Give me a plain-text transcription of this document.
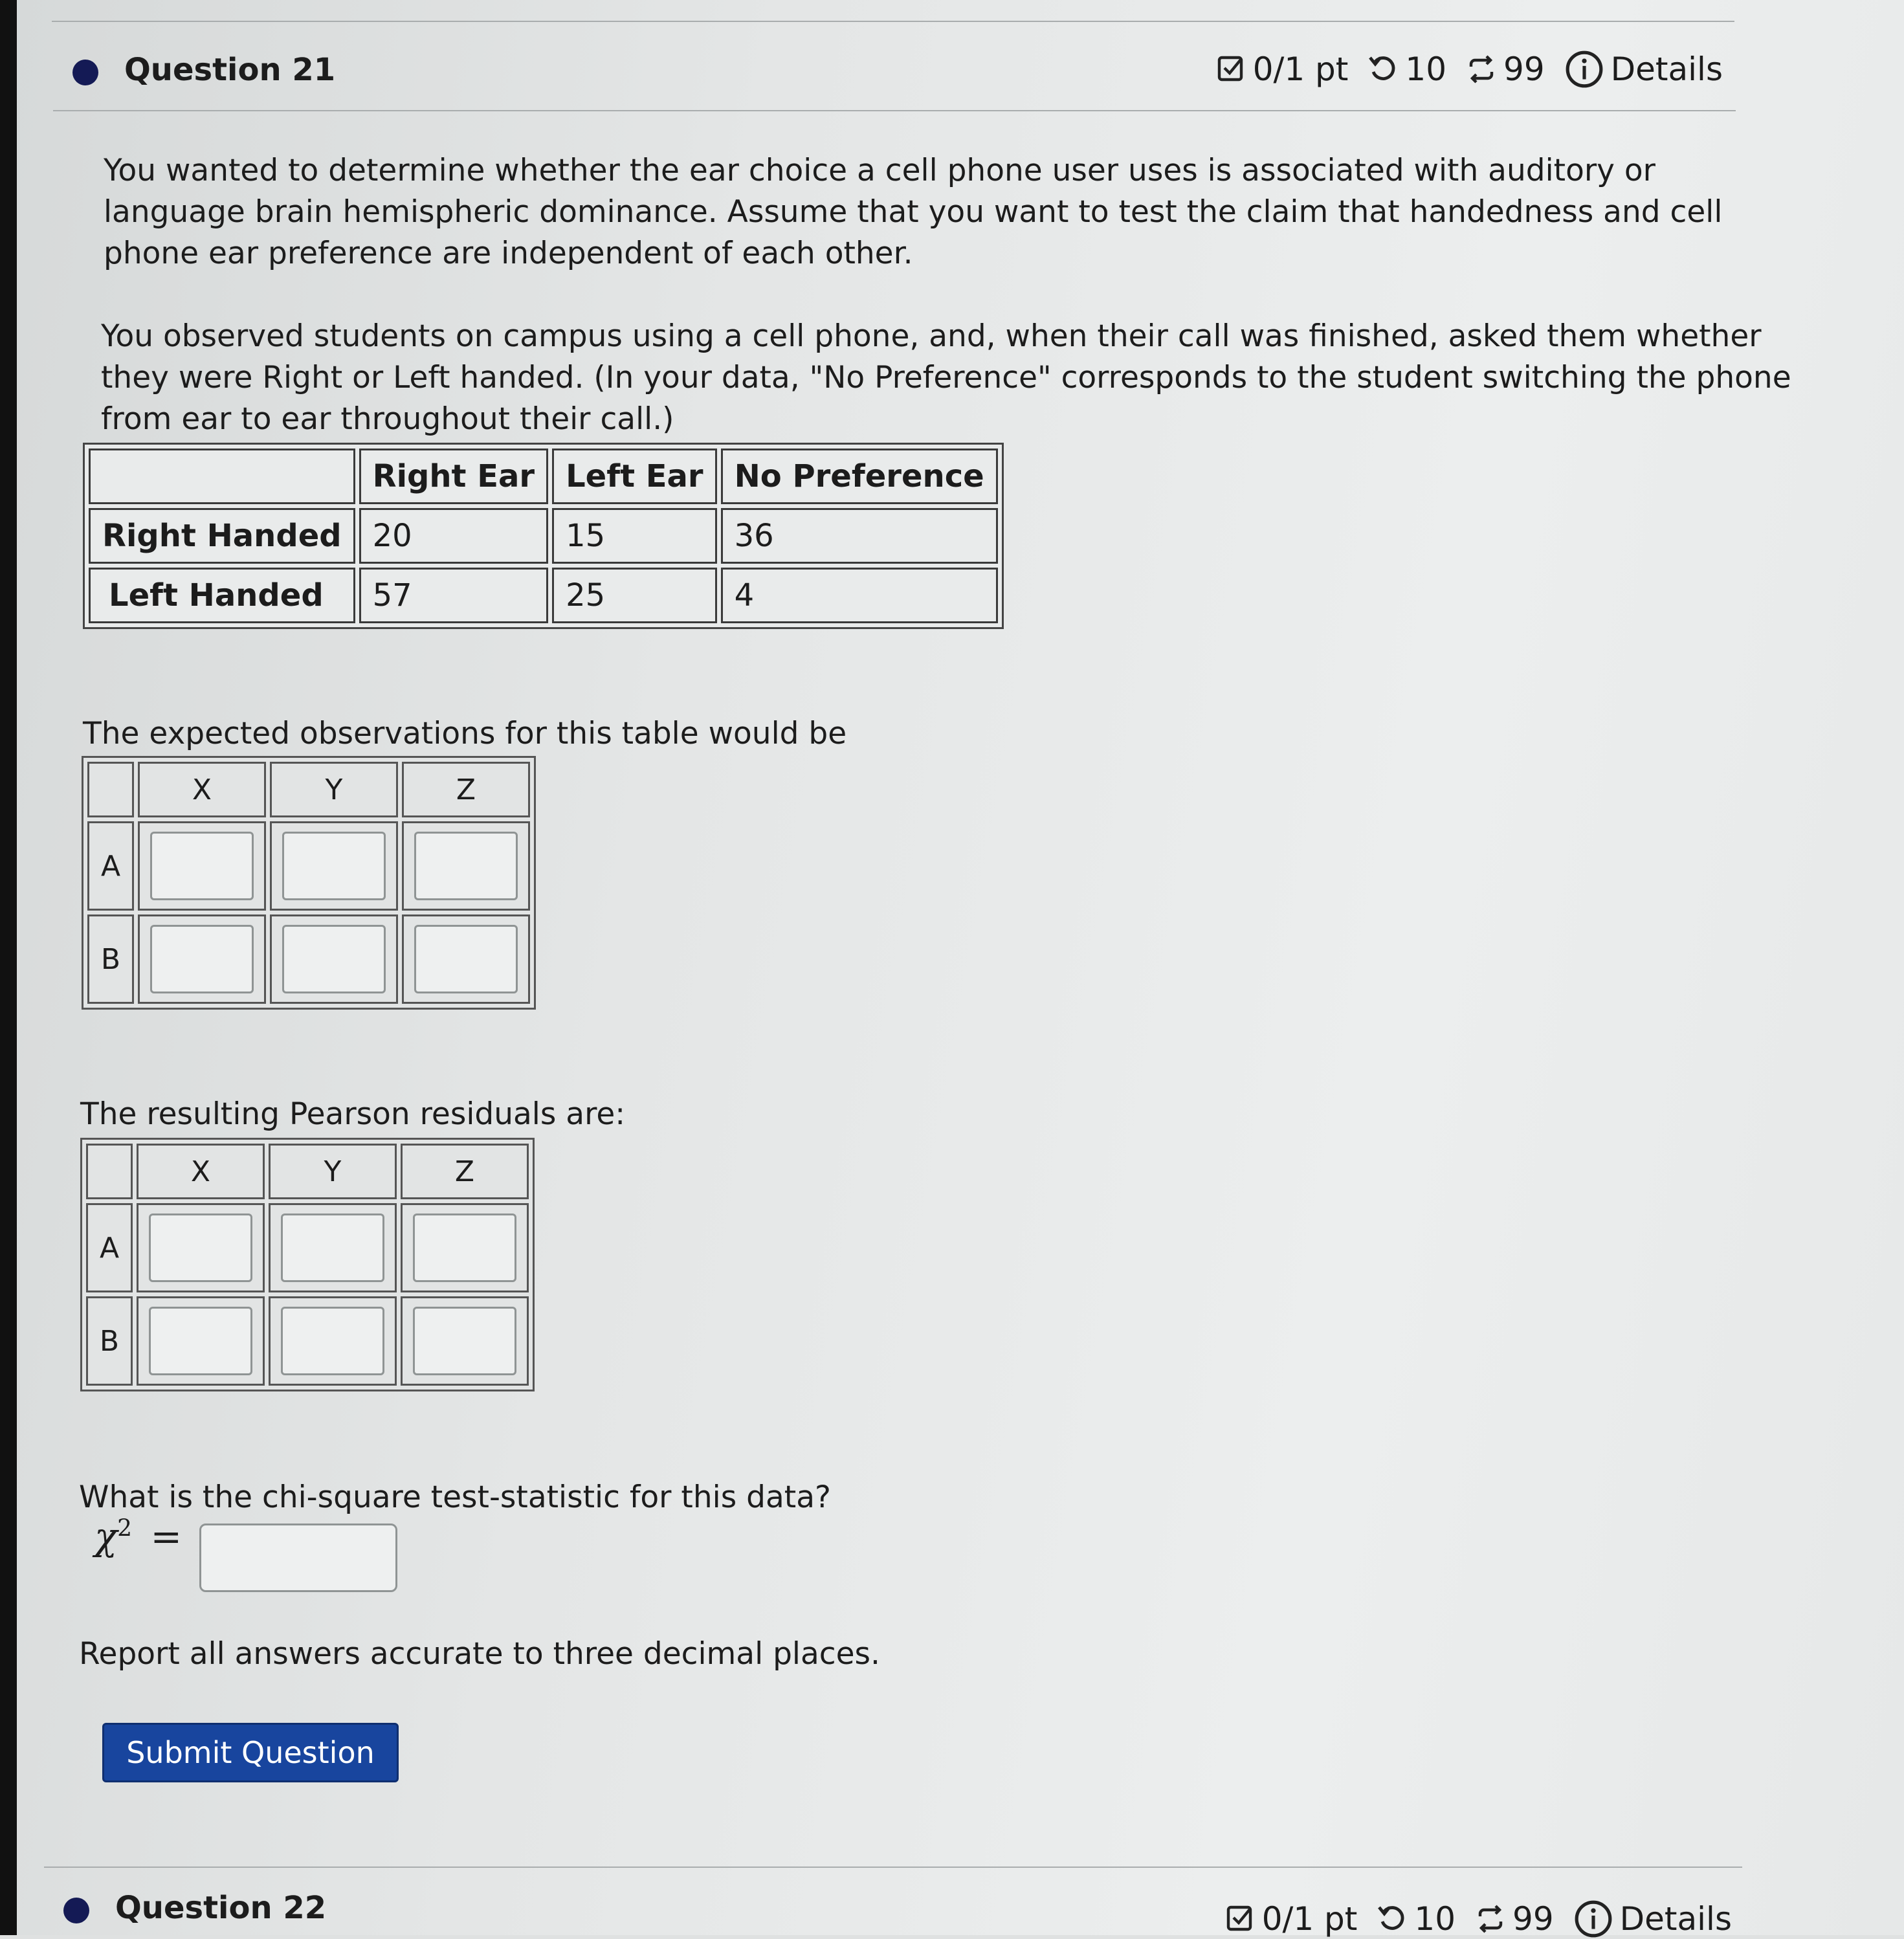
Question 21	0/1 pt 10 99 Details

You wanted to determine whether the ear choice a cell phone user uses is associated with auditory or language brain hemispheric dominance. Assume that you want to test the claim that handedness and cell phone ear preference are independent of each other.

You observed students on campus using a cell phone, and, when their call was finished, asked them whether they were Right or Left handed. (In your data, "No Preference" corresponds to the student switching the phone from ear to ear throughout their call.)

	Right Ear	Left Ear	No Preference
Right Handed	20	15	36
Left Handed	57	25	4
The expected observations for this table would be
	X	Y	Z
A			
B			
The resulting Pearson residuals are:
	X	Y	Z
A			
B			
What is the chi-square test-statistic for this data?
$\chi^2$ =
Report all answers accurate to three decimal places.
Submit Question
Question 22	0/1 pt 10 99 Details
